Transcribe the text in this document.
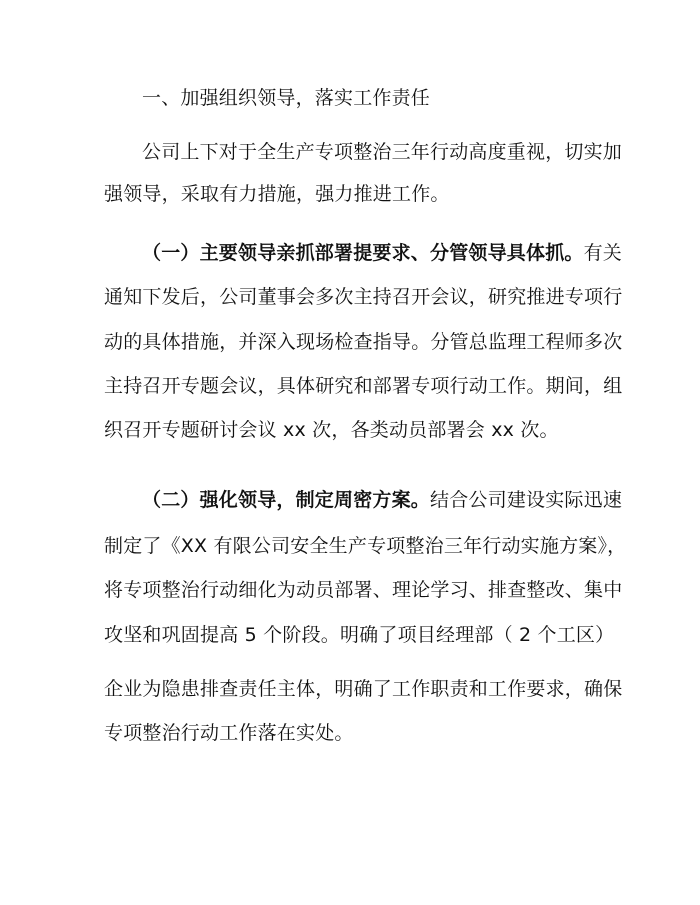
一、加强组织领导，落实工作责任
公司上下对于全生产专项整治三年行动高度重视，切实加
强领导，采取有力措施，强力推进工作。
（一）主要领导亲抓部署提要求、分管领导具体抓。有关
通知下发后，公司董事会多次主持召开会议，研究推进专项行
动的具体措施，并深入现场检查指导。分管总监理工程师多次
主持召开专题会议，具体研究和部署专项行动工作。期间，组
织召开专题研讨会议 xx 次，各类动员部署会 xx 次。
（二）强化领导，制定周密方案。结合公司建设实际迅速
制定了《XX 有限公司安全生产专项整治三年行动实施方案》，
将专项整治行动细化为动员部署、理论学习、排查整改、集中
攻坚和巩固提高 5 个阶段。明确了项目经理部（ 2 个工区）
企业为隐患排查责任主体，明确了工作职责和工作要求，确保
专项整治行动工作落在实处。
